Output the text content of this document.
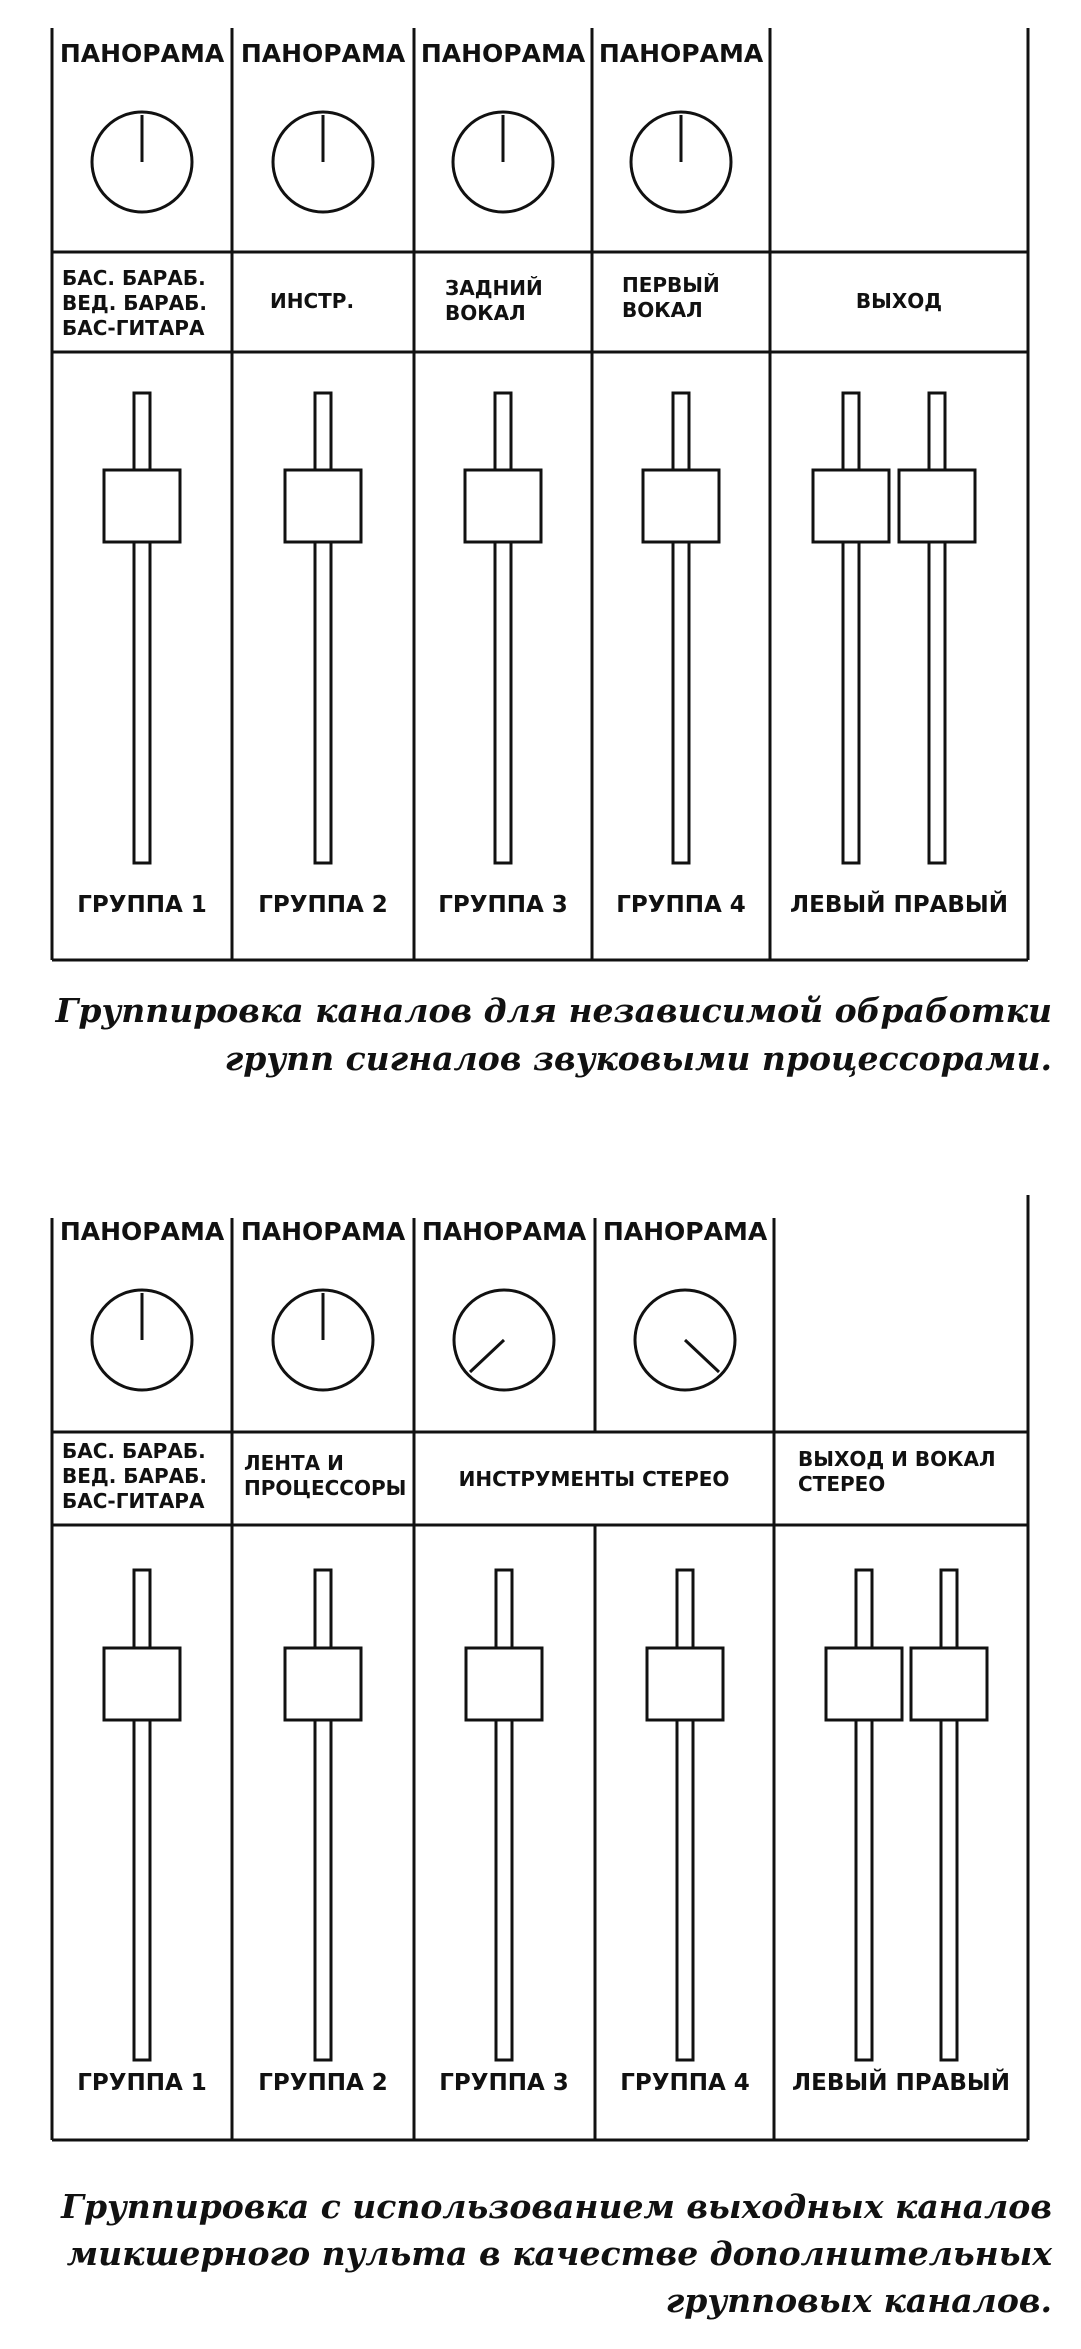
ПАНОРАМА ПАНОРАМА ПАНОРАМА ПАНОРАМА
БАС. БАРАБ.
ВЕД. БАРАБ.
БАС-ГИТАРА
ИНСТР.
ЗАДНИЙ
ВОКАЛ
ПЕРВЫЙ
ВОКАЛ	ВЫХОД
ГРУППА 1 ГРУППА 2 ГРУППА 3 ГРУППА 4 ЛЕВЫЙ ПРАВЫЙ
Группировка каналов для независимой обработки
групп сигналов звуковыми процессорами.
ПАНОРАМА ПАНОРАМА ПАНОРАМА ПАНОРАМА
БАС. БАРАБ.
ВЕД. БАРАБ.
БАС-ГИТАРА
ЛЕНТА И
ПРОЦЕССОРЫ	ИНСТРУМЕНТЫ СТЕРЕО
ВЫХОД И ВОКАЛ
СТЕРЕО
ГРУППА 1 ГРУППА 2 ГРУППА 3 ГРУППА 4 ЛЕВЫЙ ПРАВЫЙ
Группировка с использованием выходных каналов
микшерного пульта в качестве дополнительных
групповых каналов.
